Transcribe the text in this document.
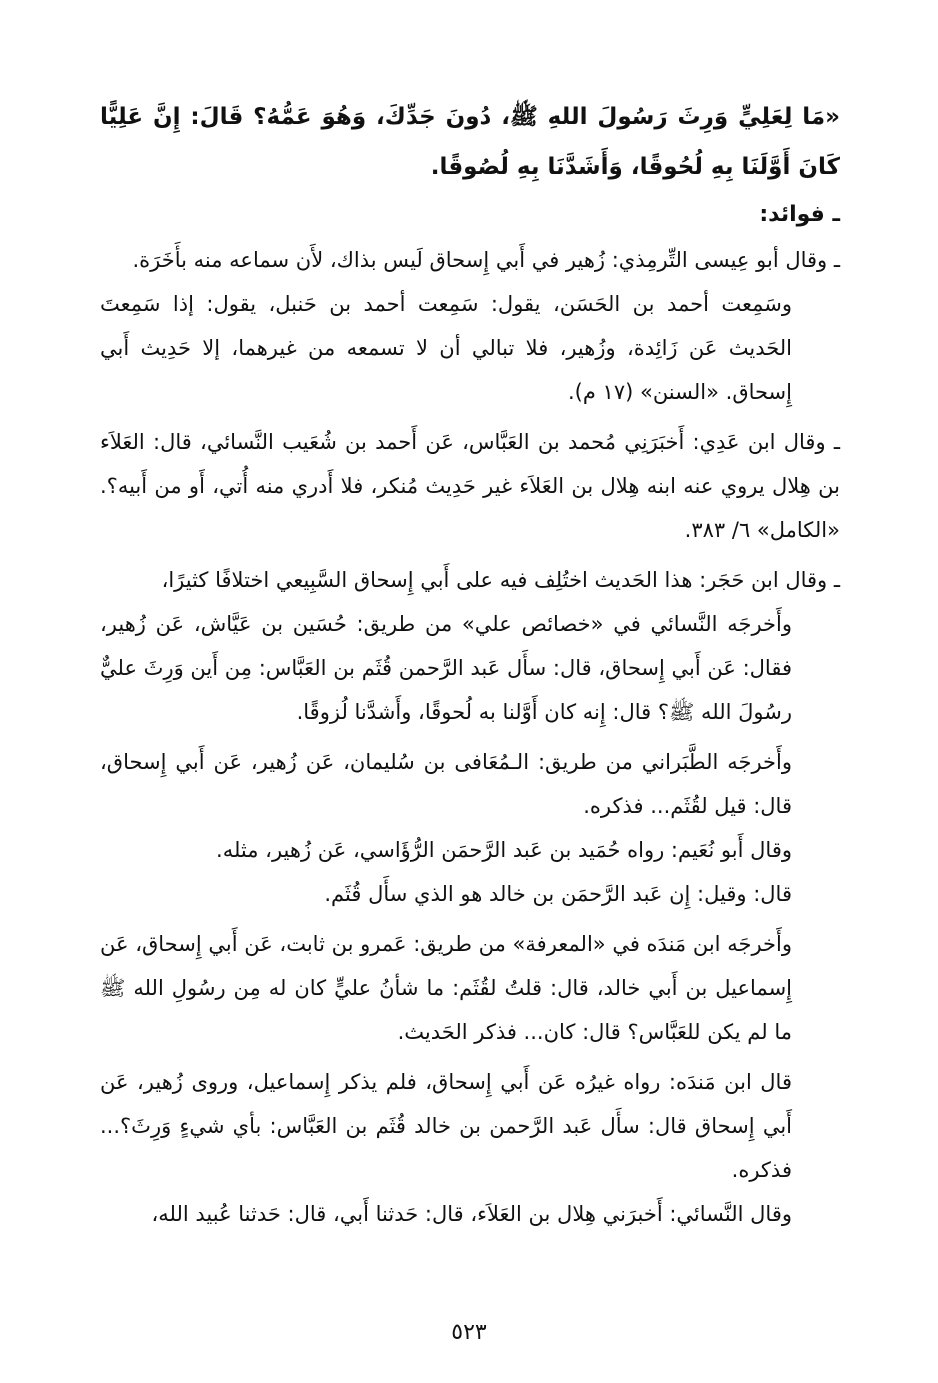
«مَا لِعَلِيٍّ وَرِثَ رَسُولَ اللهِ ﷺ، دُونَ جَدِّكَ، وَهُوَ عَمُّهُ؟ قَالَ: إِنَّ عَلِيًّا كَانَ أَوَّلَنَا بِهِ لُحُوقًا، وَأَشَدَّنَا بِهِ لُصُوقًا.

ـ فوائد:

ـ وقال أبو عِيسى التِّرمِذي: زُهير في أَبي إِسحاق لَيس بذاك، لأَن سماعه منه بأَخَرَة.

وسَمِعت أحمد بن الحَسَن، يقول: سَمِعت أحمد بن حَنبل، يقول: إذا سَمِعتَ الحَديث عَن زَائِدة، وزُهير، فلا تبالي أن لا تسمعه من غيرهما، إلا حَدِيث أَبي إِسحاق. «السنن» (١٧ م).

ـ وقال ابن عَدِي: أَخبَرَنِي مُحمد بن العَبَّاس، عَن أَحمد بن شُعَيب النَّسائي، قال: العَلاَء بن هِلال يروي عنه ابنه هِلال بن العَلاَء غير حَدِيث مُنكر، فلا أَدري منه أُتي، أَو من أَبيه؟. «الكامل» ٦/ ٣٨٣.

ـ وقال ابن حَجَر: هذا الحَديث اختُلِف فيه على أَبي إِسحاق السَّبِيعي اختلافًا كثيرًا،

وأَخرجَه النَّسائي في «خصائص علي» من طريق: حُسَين بن عَيَّاش، عَن زُهير، فقال: عَن أَبي إِسحاق، قال: سأَل عَبد الرَّحمن قُثَم بن العَبَّاس: مِن أَين وَرِثَ عليٌّ رسُولَ الله ﷺ؟ قال: إِنه كان أَوَّلنا به لُحوقًا، وأَشدَّنا لُزوقًا.

وأَخرجَه الطَّبَراني من طريق: الـمُعَافى بن سُليمان، عَن زُهير، عَن أَبي إِسحاق، قال: قيل لقُثَم... فذكره.

وقال أَبو نُعَيم: رواه حُمَيد بن عَبد الرَّحمَن الرُّؤَاسي، عَن زُهير، مثله.

قال: وقيل: إِن عَبد الرَّحمَن بن خالد هو الذي سأَل قُثَم.

وأَخرجَه ابن مَندَه في «المعرفة» من طريق: عَمرو بن ثابت، عَن أَبي إِسحاق، عَن إِسماعيل بن أَبي خالد، قال: قلتُ لقُثَم: ما شأنُ عليٍّ كان له مِن رسُولِ الله ﷺ ما لم يكن للعَبَّاس؟ قال: كان... فذكر الحَديث.

قال ابن مَندَه: رواه غيرُه عَن أَبي إِسحاق، فلم يذكر إِسماعيل، وروى زُهير، عَن أَبي إِسحاق قال: سأَل عَبد الرَّحمن بن خالد قُثَم بن العَبَّاس: بأي شيءٍ وَرِثَ؟... فذكره.

وقال النَّسائي: أَخبرَني هِلال بن العَلاَء، قال: حَدثنا أَبي، قال: حَدثنا عُبيد الله،

٥٢٣
